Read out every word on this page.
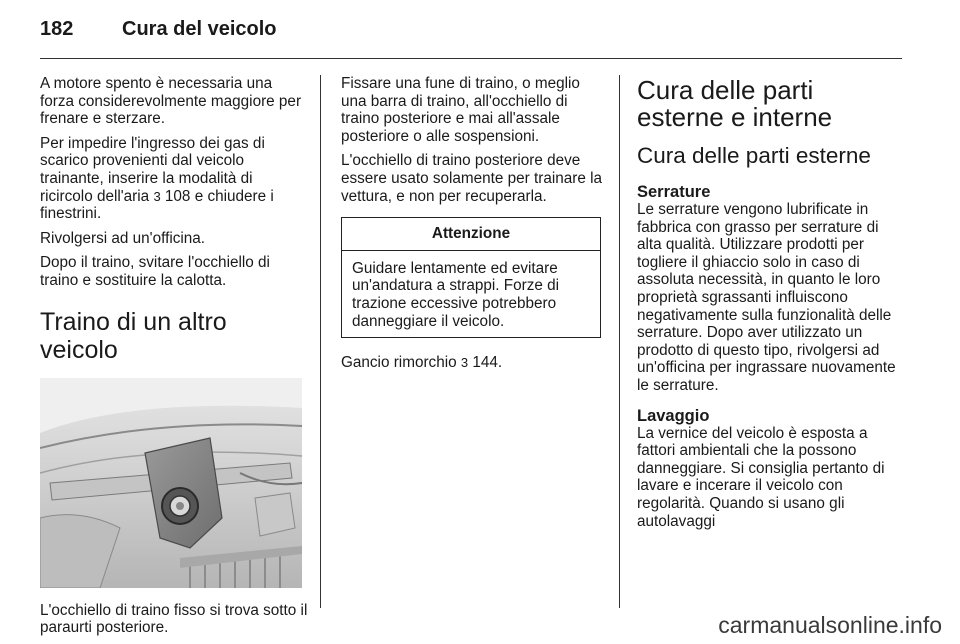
182 Cura del veicolo

A motore spento è necessaria una forza considerevolmente maggiore per frenare e sterzare.

Per impedire l'ingresso dei gas di scarico provenienti dal veicolo trainante, inserire la modalità di ricircolo dell'aria 3 108 e chiudere i finestrini.

Rivolgersi ad un'officina.

Dopo il traino, svitare l'occhiello di traino e sostituire la calotta.

Traino di un altro veicolo

L'occhiello di traino fisso si trova sotto il paraurti posteriore.

Fissare una fune di traino, o meglio una barra di traino, all'occhiello di traino posteriore e mai all'assale posteriore o alle sospensioni.

L'occhiello di traino posteriore deve essere usato solamente per trainare la vettura, e non per recuperarla.

Attenzione
Guidare lentamente ed evitare un'andatura a strappi. Forze di trazione eccessive potrebbero danneggiare il veicolo.

Gancio rimorchio 3 144.

Cura delle parti esterne e interne
Cura delle parti esterne
Serrature

Le serrature vengono lubrificate in fabbrica con grasso per serrature di alta qualità. Utilizzare prodotti per togliere il ghiaccio solo in caso di assoluta necessità, in quanto le loro proprietà sgrassanti influiscono negativamente sulla funzionalità delle serrature. Dopo aver utilizzato un prodotto di questo tipo, rivolgersi ad un'officina per ingrassare nuovamente le serrature.

Lavaggio

La vernice del veicolo è esposta a fattori ambientali che la possono danneggiare. Si consiglia pertanto di lavare e incerare il veicolo con regolarità. Quando si usano gli autolavaggi

carmanualsonline.info
